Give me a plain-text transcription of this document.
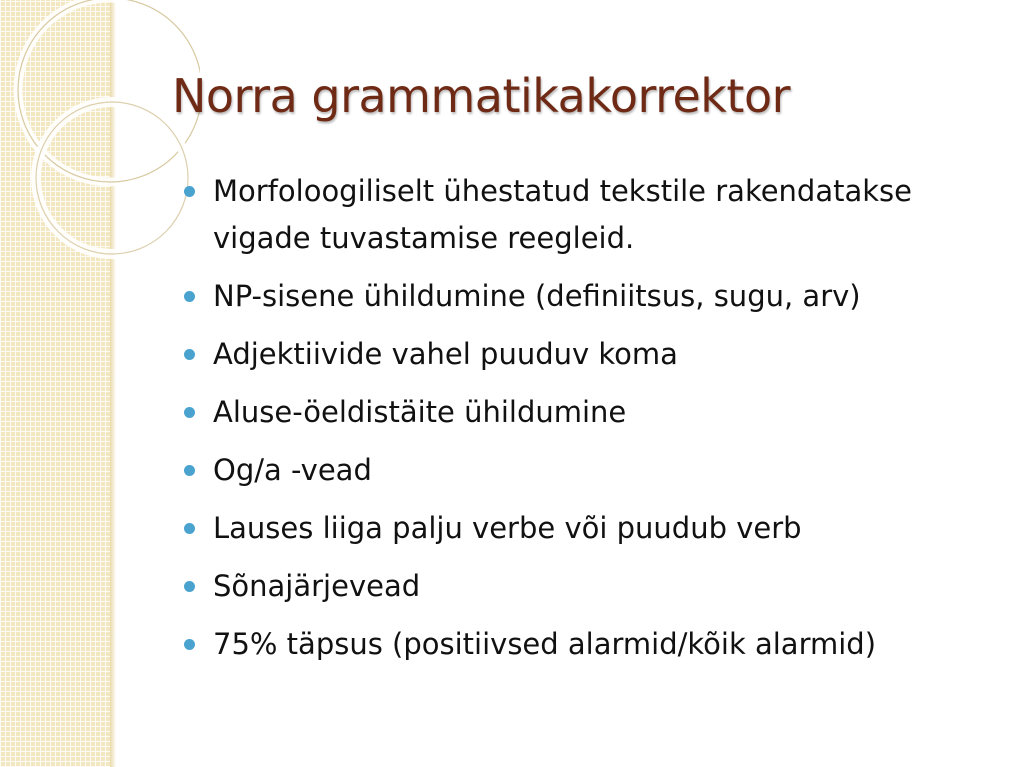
Norra grammatikakorrektor
Morfoloogiliselt ühestatud tekstile rakendatakse vigade tuvastamise reegleid.
NP-sisene ühildumine (definiitsus, sugu, arv)
Adjektiivide vahel puuduv koma
Aluse-öeldistäite ühildumine
Og/a -vead
Lauses liiga palju verbe või puudub verb
Sõnajärjevead
75% täpsus (positiivsed alarmid/kõik alarmid)
